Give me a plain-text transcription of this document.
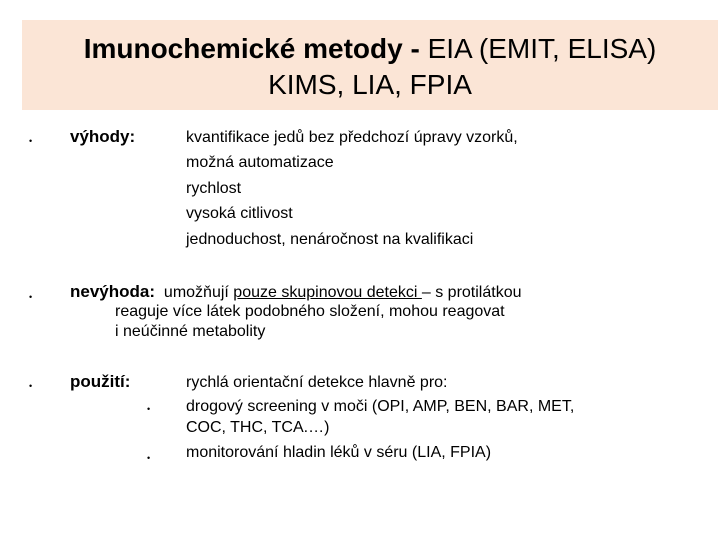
Imunochemické metody - EIA (EMIT, ELISA)
KIMS, LIA, FPIA
• výhody:	kvantifikace jedů bez předchozí úpravy vzorků,
možná automatizace
rychlost
vysoká citlivost
jednoduchost, nenáročnost na kvalifikaci
• nevýhoda: umožňují pouze skupinovou detekci – s protilátkou
reaguje více látek podobného složení, mohou reagovat
i neúčinné metabolity
• použití:	rychlá orientační detekce hlavně pro:
• drogový screening v moči (OPI, AMP, BEN, BAR, MET,
COC, THC, TCA.…)
• monitorování hladin léků v séru (LIA, FPIA)
